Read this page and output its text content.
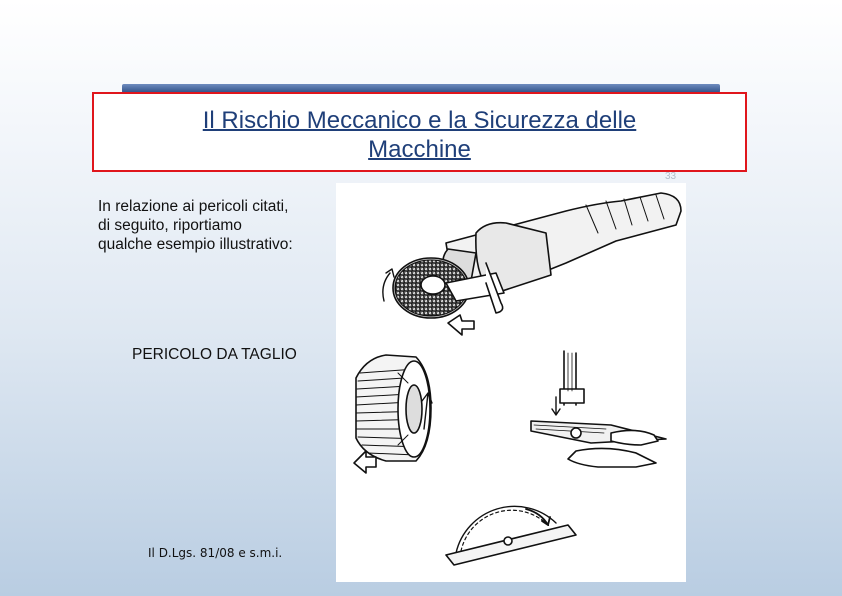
Il Rischio Meccanico e la Sicurezza delle
Macchine
33
In relazione ai pericoli citati, di seguito, riportiamo qualche esempio illustrativo:
PERICOLO DA TAGLIO
Il D.Lgs. 81/08 e s.m.i.
